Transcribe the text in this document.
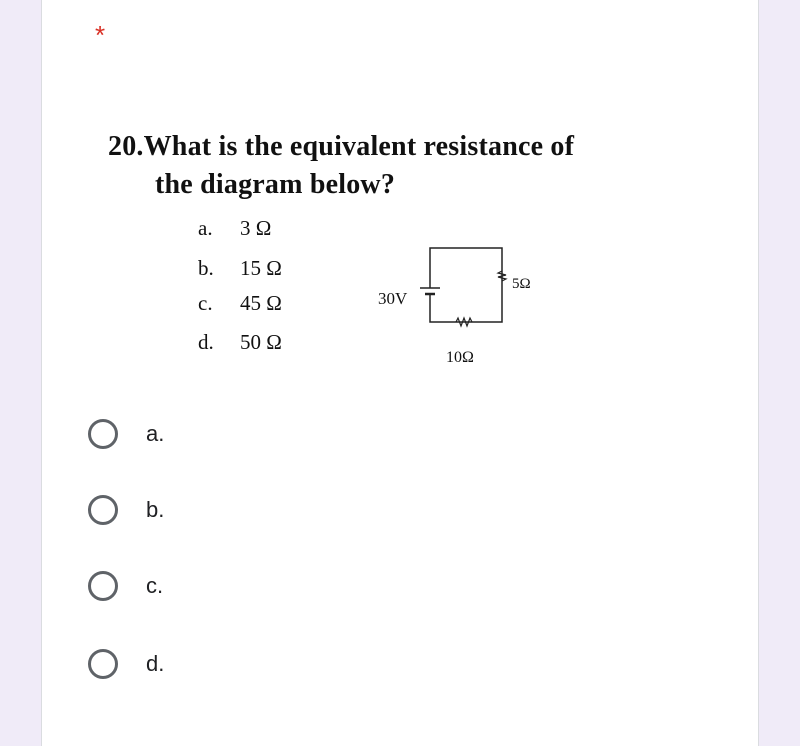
*
20.What is the equivalent resistance of
the diagram below?
a. 3 Ω
b. 15 Ω
c. 45 Ω
d. 50 Ω
30V
5Ω
10Ω
a.
b.
c.
d.
